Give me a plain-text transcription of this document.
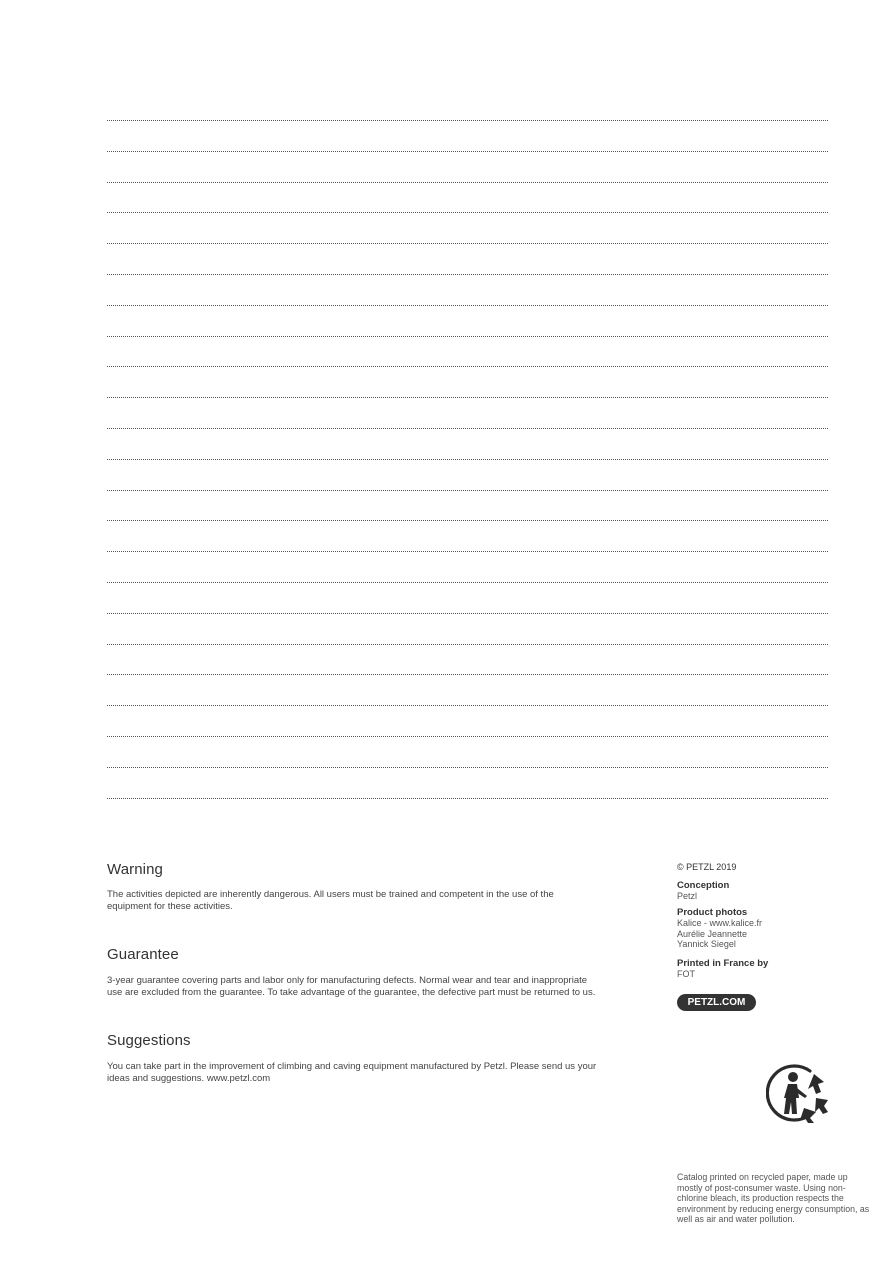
Warning

The activities depicted are inherently dangerous. All users must be trained and competent in the use of the equipment for these activities.

Guarantee

3-year guarantee covering parts and labor only for manufacturing defects. Normal wear and tear and inappropriate use are excluded from the guarantee. To take advantage of the guarantee, the defective part must be returned to us.

Suggestions

You can take part in the improvement of climbing and caving equipment manufactured by Petzl. Please send us your ideas and suggestions. www.petzl.com

© PETZL 2019
Conception
Petzl
Product photos
Kalice - www.kalice.fr
Aurélie Jeannette
Yannick Siegel
Printed in France by
FOT
PETZL.COM
Catalog printed on recycled paper, made up mostly of post-consumer waste. Using non-chlorine bleach, its production respects the environment by reducing energy consumption, as well as air and water pollution.
